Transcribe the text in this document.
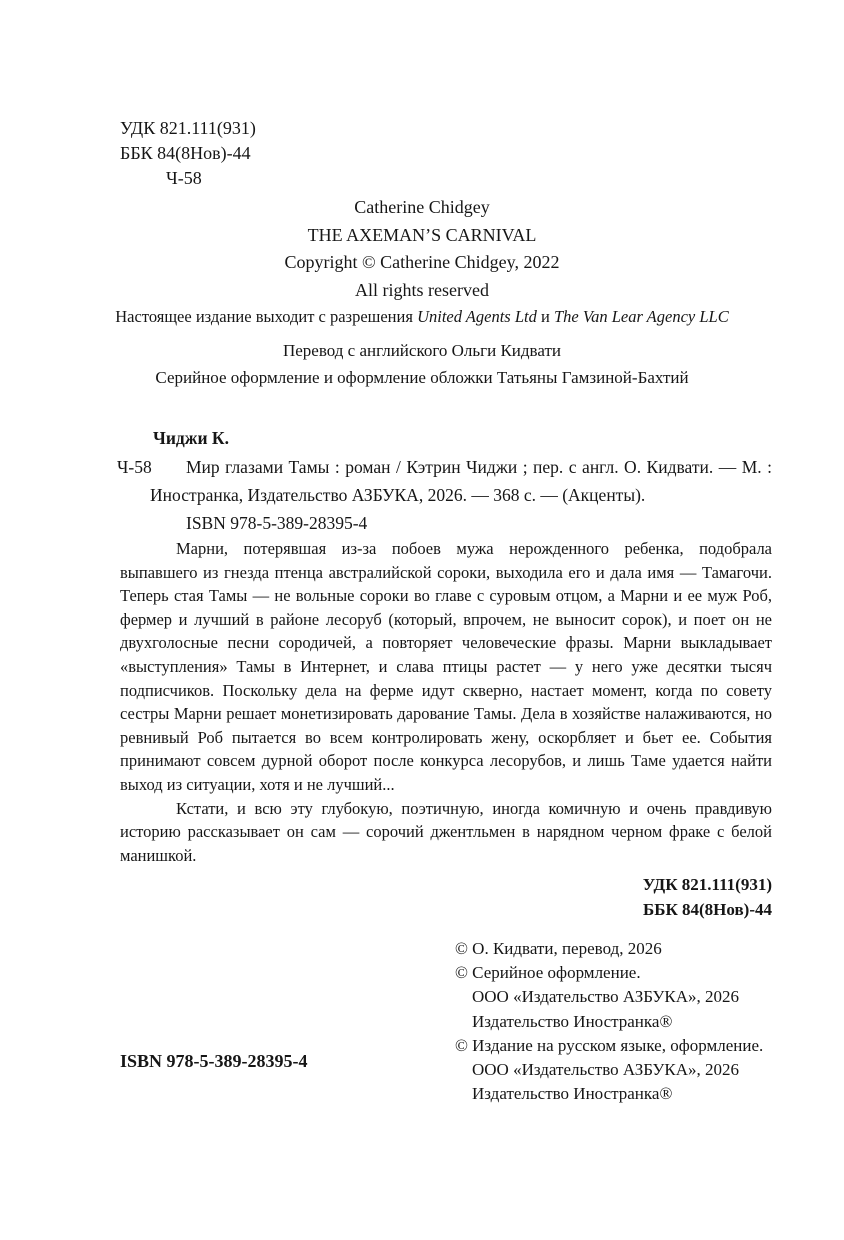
УДК 821.111(931)
ББК 84(8Нов)-44
Ч-58
Catherine Chidgey
THE AXEMAN’S CARNIVAL
Copyright © Catherine Chidgey, 2022
All rights reserved
Настоящее издание выходит с разрешения United Agents Ltd и The Van Lear Agency LLC
Перевод с английского Ольги Кидвати
Серийное оформление и оформление обложки Татьяны Гамзиной-Бахтий
Чиджи К.
Ч-58 Мир глазами Тамы : роман / Кэтрин Чиджи ; пер. с англ. О. Кидвати. — М. : Иностранка, Издательство АЗБУКА, 2026. — 368 с. — (Акценты).
ISBN 978-5-389-28395-4

Марни, потерявшая из-за побоев мужа нерожденного ребенка, подобрала выпавшего из гнезда птенца австралийской сороки, выходила его и дала имя — Тамагочи. Теперь стая Тамы — не вольные сороки во главе с суровым отцом, а Марни и ее муж Роб, фермер и лучший в районе лесоруб (который, впрочем, не выносит сорок), и поет он не двухголосные песни сородичей, а повторяет человеческие фразы. Марни выкладывает «выступления» Тамы в Интернет, и слава птицы растет — у него уже десятки тысяч подписчиков. Поскольку дела на ферме идут скверно, настает момент, когда по совету сестры Марни решает монетизировать дарование Тамы. Дела в хозяйстве налаживаются, но ревнивый Роб пытается во всем контролировать жену, оскорбляет и бьет ее. События принимают совсем дурной оборот после конкурса лесорубов, и лишь Таме удается найти выход из ситуации, хотя и не лучший...

Кстати, и всю эту глубокую, поэтичную, иногда комичную и очень правдивую историю рассказывает он сам — сорочий джентльмен в нарядном черном фраке с белой манишкой.

УДК 821.111(931)
ББК 84(8Нов)-44
© О. Кидвати, перевод, 2026
© Серийное оформление.
ООО «Издательство АЗБУКА», 2026
Издательство Иностранка®
© Издание на русском языке, оформление.
ООО «Издательство АЗБУКА», 2026
Издательство Иностранка®
ISBN 978-5-389-28395-4
